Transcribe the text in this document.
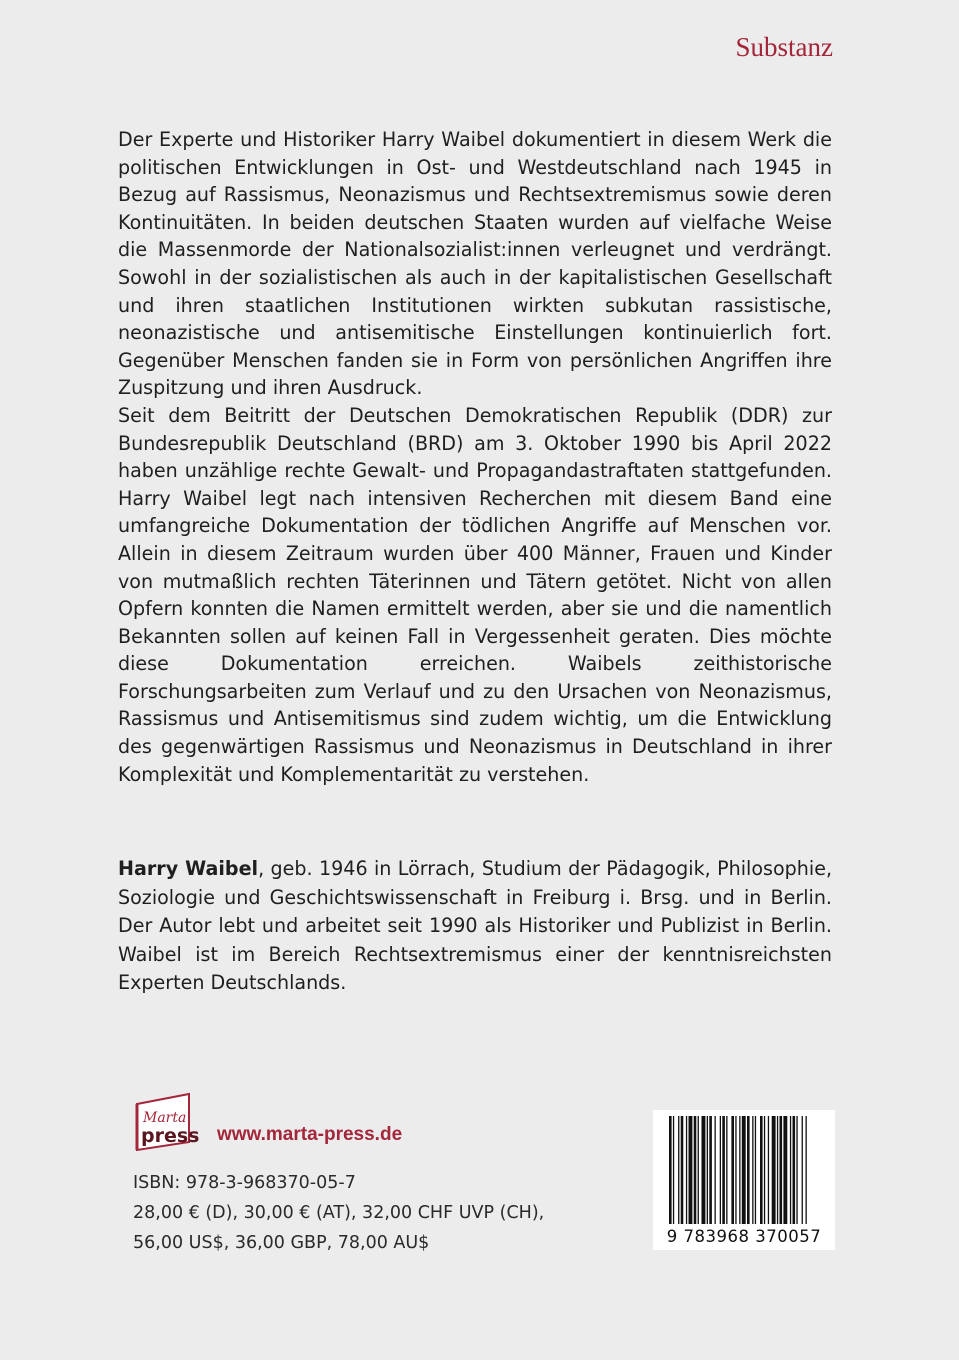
Substanz

Der Experte und Historiker Harry Waibel dokumentiert in diesem Werk die politischen Entwicklungen in Ost- und Westdeutschland nach 1945 in Bezug auf Rassismus, Neonazismus und Rechtsextremismus sowie deren Kontinuitäten. In beiden deutschen Staaten wurden auf vielfache Weise die Massenmorde der Nationalsozialist:innen verleugnet und verdrängt. Sowohl in der sozialistischen als auch in der kapitalistischen Gesellschaft und ihren staatlichen Institutionen wirkten subkutan rassistische, neonazistische und antisemitische Einstellungen kontinuierlich fort. Gegenüber Menschen fanden sie in Form von persönlichen Angriffen ihre Zuspitzung und ihren Ausdruck.

Seit dem Beitritt der Deutschen Demokratischen Republik (DDR) zur Bundesrepublik Deutschland (BRD) am 3. Oktober 1990 bis April 2022 haben unzählige rechte Gewalt- und Propagandastraftaten stattgefunden. Harry Waibel legt nach intensiven Recherchen mit diesem Band eine umfangreiche Dokumentation der tödlichen Angriffe auf Menschen vor. Allein in diesem Zeitraum wurden über 400 Männer, Frauen und Kinder von mutmaßlich rechten Täterinnen und Tätern getötet. Nicht von allen Opfern konnten die Namen ermittelt werden, aber sie und die namentlich Bekannten sollen auf keinen Fall in Vergessenheit geraten. Dies möchte diese Dokumentation erreichen. Waibels zeithistorische Forschungsarbeiten zum Verlauf und zu den Ursachen von Neonazismus, Rassismus und Antisemitismus sind zudem wichtig, um die Entwicklung des gegenwärtigen Rassismus und Neonazismus in Deutschland in ihrer Komplexität und Komplementarität zu verstehen.

Harry Waibel, geb. 1946 in Lörrach, Studium der Pädagogik, Philosophie, Soziologie und Geschichtswissenschaft in Freiburg i. Brsg. und in Berlin. Der Autor lebt und arbeitet seit 1990 als Historiker und Publizist in Berlin. Waibel ist im Bereich Rechtsextremismus einer der kenntnisreichsten Experten Deutschlands.

Marta
press www.marta-press.de
ISBN: 978-3-968370-05-7
28,00 € (D), 30,00 € (AT), 32,00 CHF UVP (CH),
56,00 US$, 36,00 GBP, 78,00 AU$	9 783968 370057
